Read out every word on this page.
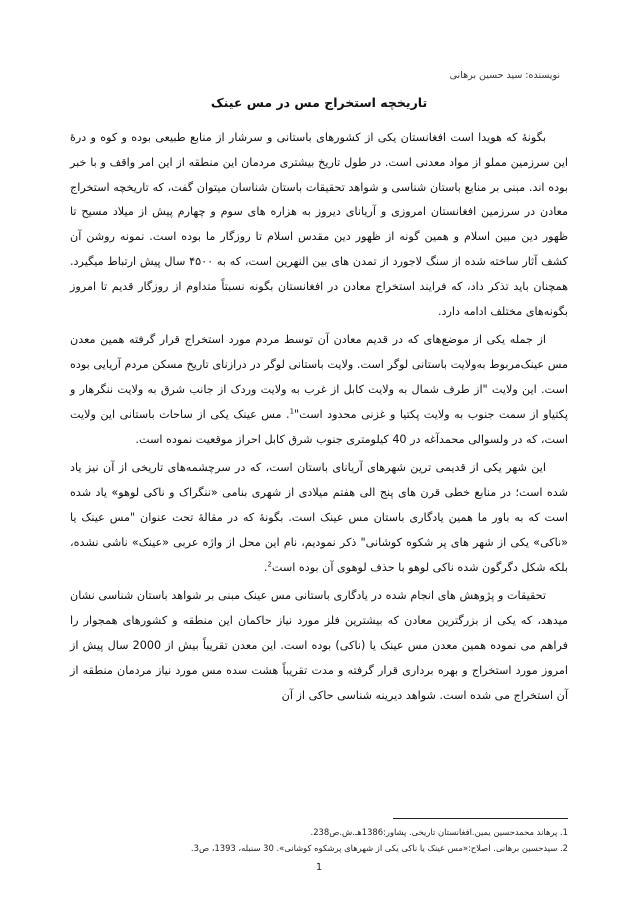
نویسنده: سید حسین برهانی
تاریخچه استخراج مس در مس عینک

بگونهٔ که هویدا است افغانستان یکی از کشورهای باستانی و سرشار از منابع طبیعی بوده و کوه و درهٔ این سرزمین مملو از مواد معدنی است. در طول تاریخ بیشتری مردمان این منطقه از این امر واقف و با خبر بوده اند. مبنی بر منابع باستان شناسی و شواهد تحقیقات باستان شناسان میتوان گفت، که تاریخچه استخراج معادن در سرزمین افغانستان امروزی و آریانای دیروز به هزاره های سوم و چهارم پیش از میلاد مسیح تا ظهور دین مبین اسلام و همین گونه از ظهور دین مقدس اسلام تا روزگار ما بوده است. نمونه روشن آن کشف آثار ساخته شده از سنگ لاجورد از تمدن های بین النهرین است، که به ۴۵۰۰ سال پیش ارتباط میگیرد. همچنان باید تذکر داد، که فرایند استخراج معادن در افغانستان بگونه نسبتاً متداوم از روزگار قدیم تا امروز بگونه‌های مختلف ادامه دارد.

از جمله یکی از موضع‌های که در قدیم معادن آن توسط مردم مورد استخراج قرار گرفته همین معدن مس عینک‌مربوط به‌ولایت باستانی لوگر است. ولایت باستانی لوگر در درازنای تاریخ مسکن مردم آریایی بوده است. این ولایت "از طرف شمال به ولایت کابل از غرب به ولایت وردک از جانب شرق به ولایت ننگرهار و پکتیاو از سمت جنوب به ولایت پکتیا و غزنی محدود است"$^1$. مس عینک یکی از ساحات باستانی این ولایت است، که در ولسوالی محمدآغه در 40 کیلومتری جنوب شرق کابل احراز موقعیت نموده است.

این شهر یکی از قدیمی ترین شهرهای آریانای باستان است، که در سرچشمه‌های تاریخی از آن نیز یاد شده است؛ در منابع خطی قرن های پنج الی هفتم میلادی از شهری بنامی «ننگراک و ناکی لوهو» یاد شده است که به باور ما همین یادگاری باستان مس عینک است. بگونهٔ که در مقالهٔ تحت عنوان "مس عینک یا «ناکی» یکی از شهر های پر شکوه کوشانی" ذکر نمودیم، نام این محل از واژه عربی «عینک» ناشی نشده، بلکه شکل دگرگون شده ناکی لوهو با حذف لوهوی آن بوده است$^2$.

تحقیقات و پژوهش های انجام شده در یادگاری باستانی مس عینک مبنی بر شواهد باستان شناسی نشان میدهد، که یکی از بزرگترین معادن که بیشترین فلز مورد نیاز حاکمان این منطقه و کشورهای همجوار را فراهم می نموده همین معدن مس عینک یا (ناکی) بوده است. این معدن تقریباً بیش از 2000 سال پیش از امروز مورد استخراج و بهره برداری قرار گرفته و مدت تقریباً هشت سده مس مورد نیاز مردمان منطقه از آن استخراج می شده است. شواهد دیرینه شناسی حاکی از آن

1. پرهاند محمدحسین یمین.افغانستان تاریخی. پشاور:1386هـ.ش.ص238.

2. سیدحسین برهانی. اصلاح:«مس عینک یا ناکی یکی از شهرهای پرشکوه کوشانی». 30 سنبله، 1393، ص3.

1
